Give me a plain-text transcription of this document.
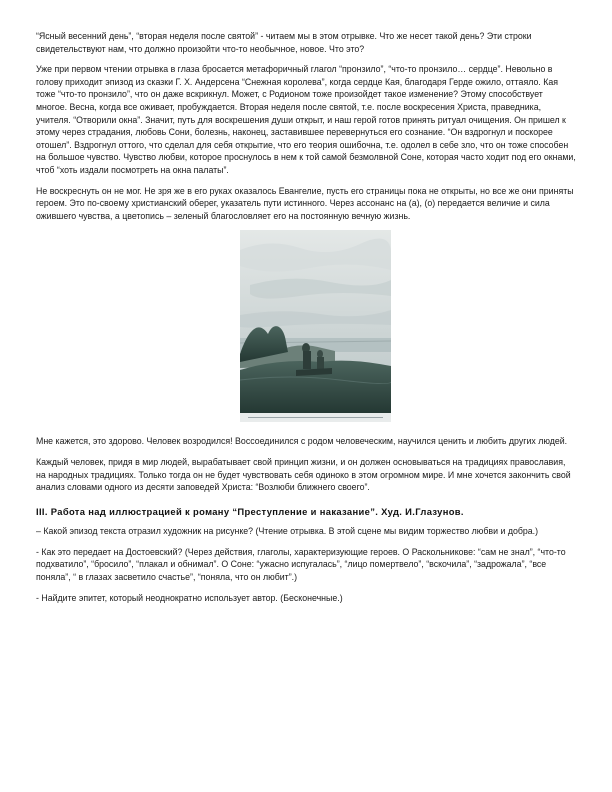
“Ясный весенний день”, “вторая неделя после святой” - читаем мы в этом отрывке. Что же несет такой день? Эти строки свидетельствуют нам, что должно произойти что-то необычное, новое. Что это?

Уже при первом чтении отрывка в глаза бросается метафоричный глагол “пронзило”, “что-то пронзило… сердце”. Невольно в голову приходит эпизод из сказки Г. Х. Андерсена “Снежная королева”, когда сердце Кая, благодаря Герде ожило, оттаяло. Кая тоже “что-то пронзило”, что он даже вскрикнул. Может, с Родионом тоже произойдет такое изменение? Этому способствует многое. Весна, когда все оживает, пробуждается. Вторая неделя после святой, т.е. после воскресения Христа, праведника, учителя. “Отворили окна”. Значит, путь для воскрешения души открыт, и наш герой готов принять ритуал очищения. Он пришел к этому через страдания, любовь Сони, болезнь, наконец, заставившее перевернуться его сознание. “Он вздрогнул и поскорее отошел”. Вздрогнул оттого, что сделал для себя открытие, что его теория ошибочна, т.е. одолел в себе зло, что он тоже способен на большое чувство. Чувство любви, которое проснулось в нем к той самой безмолвной Соне, которая часто ходит под его окнами, чтоб “хоть издали посмотреть на окна палаты”.

Не воскреснуть он не мог. Не зря же в его руках оказалось Евангелие, пусть его страницы пока не открыты, но все же они приняты героем. Это по-своему христианский оберег, указатель пути истинного. Через ассонанс на (а), (о) передается величие и сила ожившего чувства, а цветопись – зеленый благословляет его на постоянную вечную жизнь.

Мне кажется, это здорово. Человек возродился! Воссоединился с родом человеческим, научился ценить и любить других людей.

Каждый человек, придя в мир людей, вырабатывает свой принцип жизни, и он должен основываться на традициях православия, на народных традициях. Только тогда он не будет чувствовать себя одиноко в этом огромном мире. И мне хочется закончить свой анализ словами одного из десяти заповедей Христа: “Возлюби ближнего своего”.

III. Работа над иллюстрацией к роману “Преступление и наказание”. Худ. И.Глазунов.

– Какой эпизод текста отразил художник на рисунке? (Чтение отрывка. В этой сцене мы видим торжество любви и добра.)

- Как это передает на Достоевский? (Через действия, глаголы, характеризующие героев. О Раскольникове: “сам не знал”, “что-то подхватило”, “бросило”, “плакал и обнимал”. О Соне: “ужасно испугалась”, “лицо помертвело”, “вскочила”, “задрожала”, “все поняла”, “ в глазах засветило счастье”, “поняла, что он любит”.)

- Найдите эпитет, который неоднократно использует автор. (Бесконечные.)
